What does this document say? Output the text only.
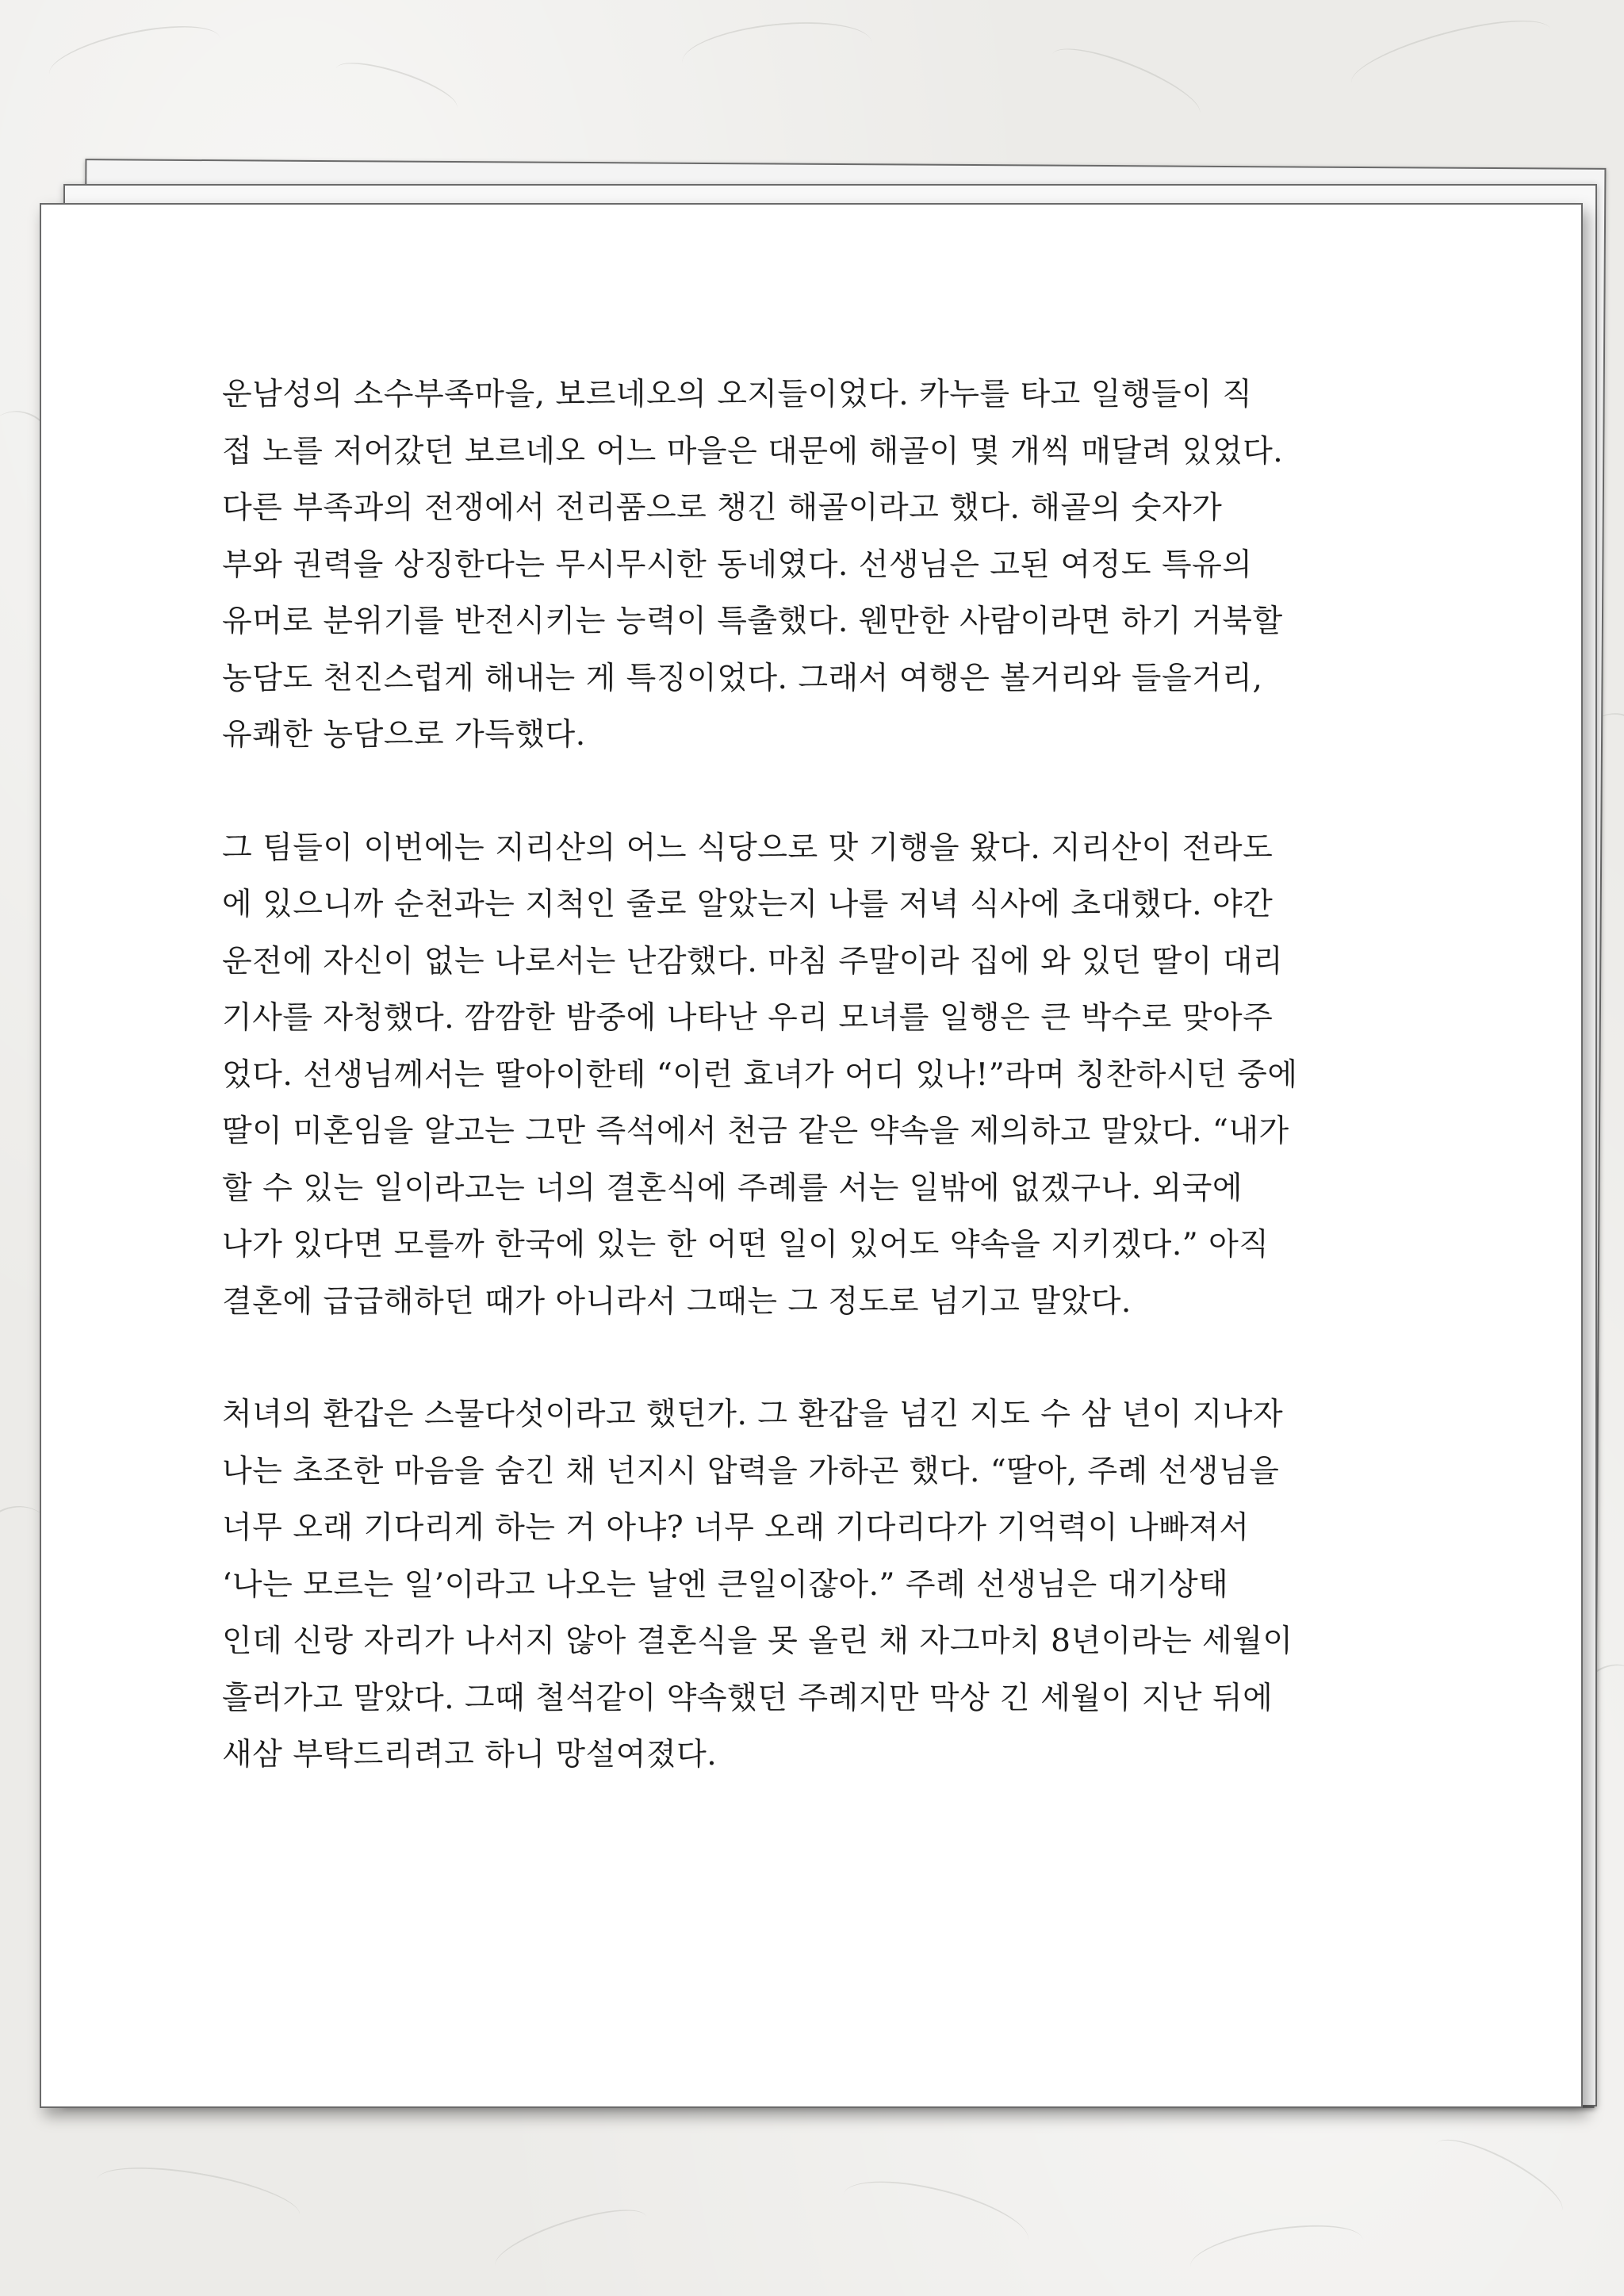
운남성의 소수부족마을, 보르네오의 오지들이었다. 카누를 타고 일행들이 직
접 노를 저어갔던 보르네오 어느 마을은 대문에 해골이 몇 개씩 매달려 있었다.
다른 부족과의 전쟁에서 전리품으로 챙긴 해골이라고 했다. 해골의 숫자가
부와 권력을 상징한다는 무시무시한 동네였다. 선생님은 고된 여정도 특유의
유머로 분위기를 반전시키는 능력이 특출했다. 웬만한 사람이라면 하기 거북할
농담도 천진스럽게 해내는 게 특징이었다. 그래서 여행은 볼거리와 들을거리,
유쾌한 농담으로 가득했다.

그 팀들이 이번에는 지리산의 어느 식당으로 맛 기행을 왔다. 지리산이 전라도
에 있으니까 순천과는 지척인 줄로 알았는지 나를 저녁 식사에 초대했다. 야간
운전에 자신이 없는 나로서는 난감했다. 마침 주말이라 집에 와 있던 딸이 대리
기사를 자청했다. 깜깜한 밤중에 나타난 우리 모녀를 일행은 큰 박수로 맞아주
었다. 선생님께서는 딸아이한테 “이런 효녀가 어디 있나!”라며 칭찬하시던 중에
딸이 미혼임을 알고는 그만 즉석에서 천금 같은 약속을 제의하고 말았다. “내가
할 수 있는 일이라고는 너의 결혼식에 주례를 서는 일밖에 없겠구나. 외국에
나가 있다면 모를까 한국에 있는 한 어떤 일이 있어도 약속을 지키겠다.” 아직
결혼에 급급해하던 때가 아니라서 그때는 그 정도로 넘기고 말았다.

처녀의 환갑은 스물다섯이라고 했던가. 그 환갑을 넘긴 지도 수 삼 년이 지나자
나는 초조한 마음을 숨긴 채 넌지시 압력을 가하곤 했다. “딸아, 주례 선생님을
너무 오래 기다리게 하는 거 아냐? 너무 오래 기다리다가 기억력이 나빠져서
‘나는 모르는 일’이라고 나오는 날엔 큰일이잖아.” 주례 선생님은 대기상태
인데 신랑 자리가 나서지 않아 결혼식을 못 올린 채 자그마치 8년이라는 세월이
흘러가고 말았다. 그때 철석같이 약속했던 주례지만 막상 긴 세월이 지난 뒤에
새삼 부탁드리려고 하니 망설여졌다.
